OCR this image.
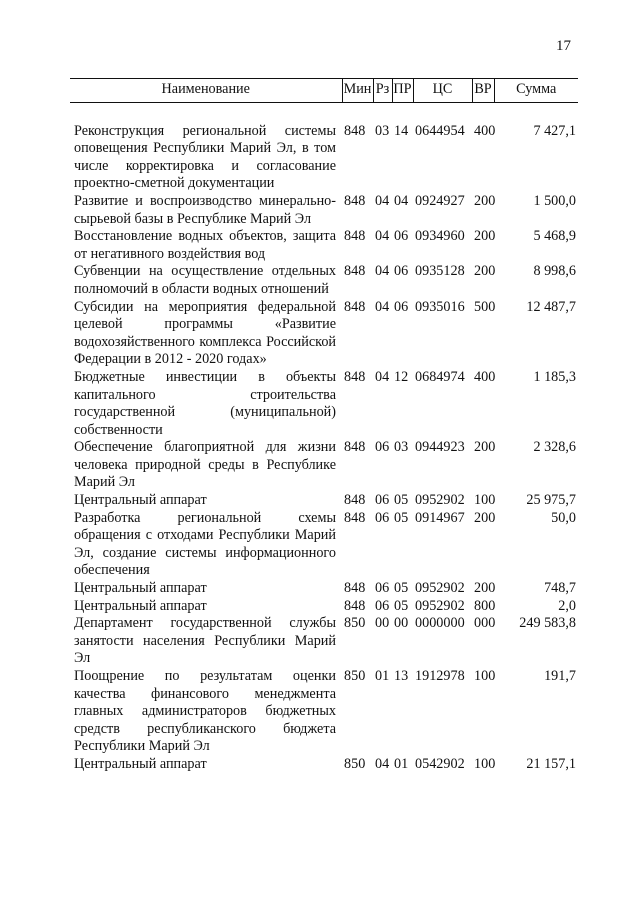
17
Наименование	Мин	Рз	ПР	ЦС	ВР	Сумма
Реконструкция региональной системы оповещения Республики Марий Эл, в том числе корректировка и согласование проектно-сметной документации	848	03	14	0644954	400	7 427,1
Развитие и воспроизводство минерально-сырьевой базы в Республике Марий Эл	848	04	04	0924927	200	1 500,0
Восстановление водных объектов, защита от негативного воздействия вод	848	04	06	0934960	200	5 468,9
Субвенции на осуществление отдельных полномочий в области водных отношений	848	04	06	0935128	200	8 998,6
Субсидии на мероприятия федеральной целевой программы «Развитие водохозяйственного комплекса Российской Федерации в 2012 - 2020 годах»	848	04	06	0935016	500	12 487,7
Бюджетные инвестиции в объекты капитального строительства государственной (муниципальной) собственности	848	04	12	0684974	400	1 185,3
Обеспечение благоприятной для жизни человека природной среды в Республике Марий Эл	848	06	03	0944923	200	2 328,6
Центральный аппарат	848	06	05	0952902	100	25 975,7
Разработка региональной схемы обращения с отходами Республики Марий Эл, создание системы информационного обеспечения	848	06	05	0914967	200	50,0
Центральный аппарат	848	06	05	0952902	200	748,7
Центральный аппарат	848	06	05	0952902	800	2,0
Департамент государственной службы занятости населения Республики Марий Эл	850	00	00	0000000	000	249 583,8
Поощрение по результатам оценки качества финансового менеджмента главных администраторов бюджетных средств республиканского бюджета Республики Марий Эл	850	01	13	1912978	100	191,7
Центральный аппарат	850	04	01	0542902	100	21 157,1
